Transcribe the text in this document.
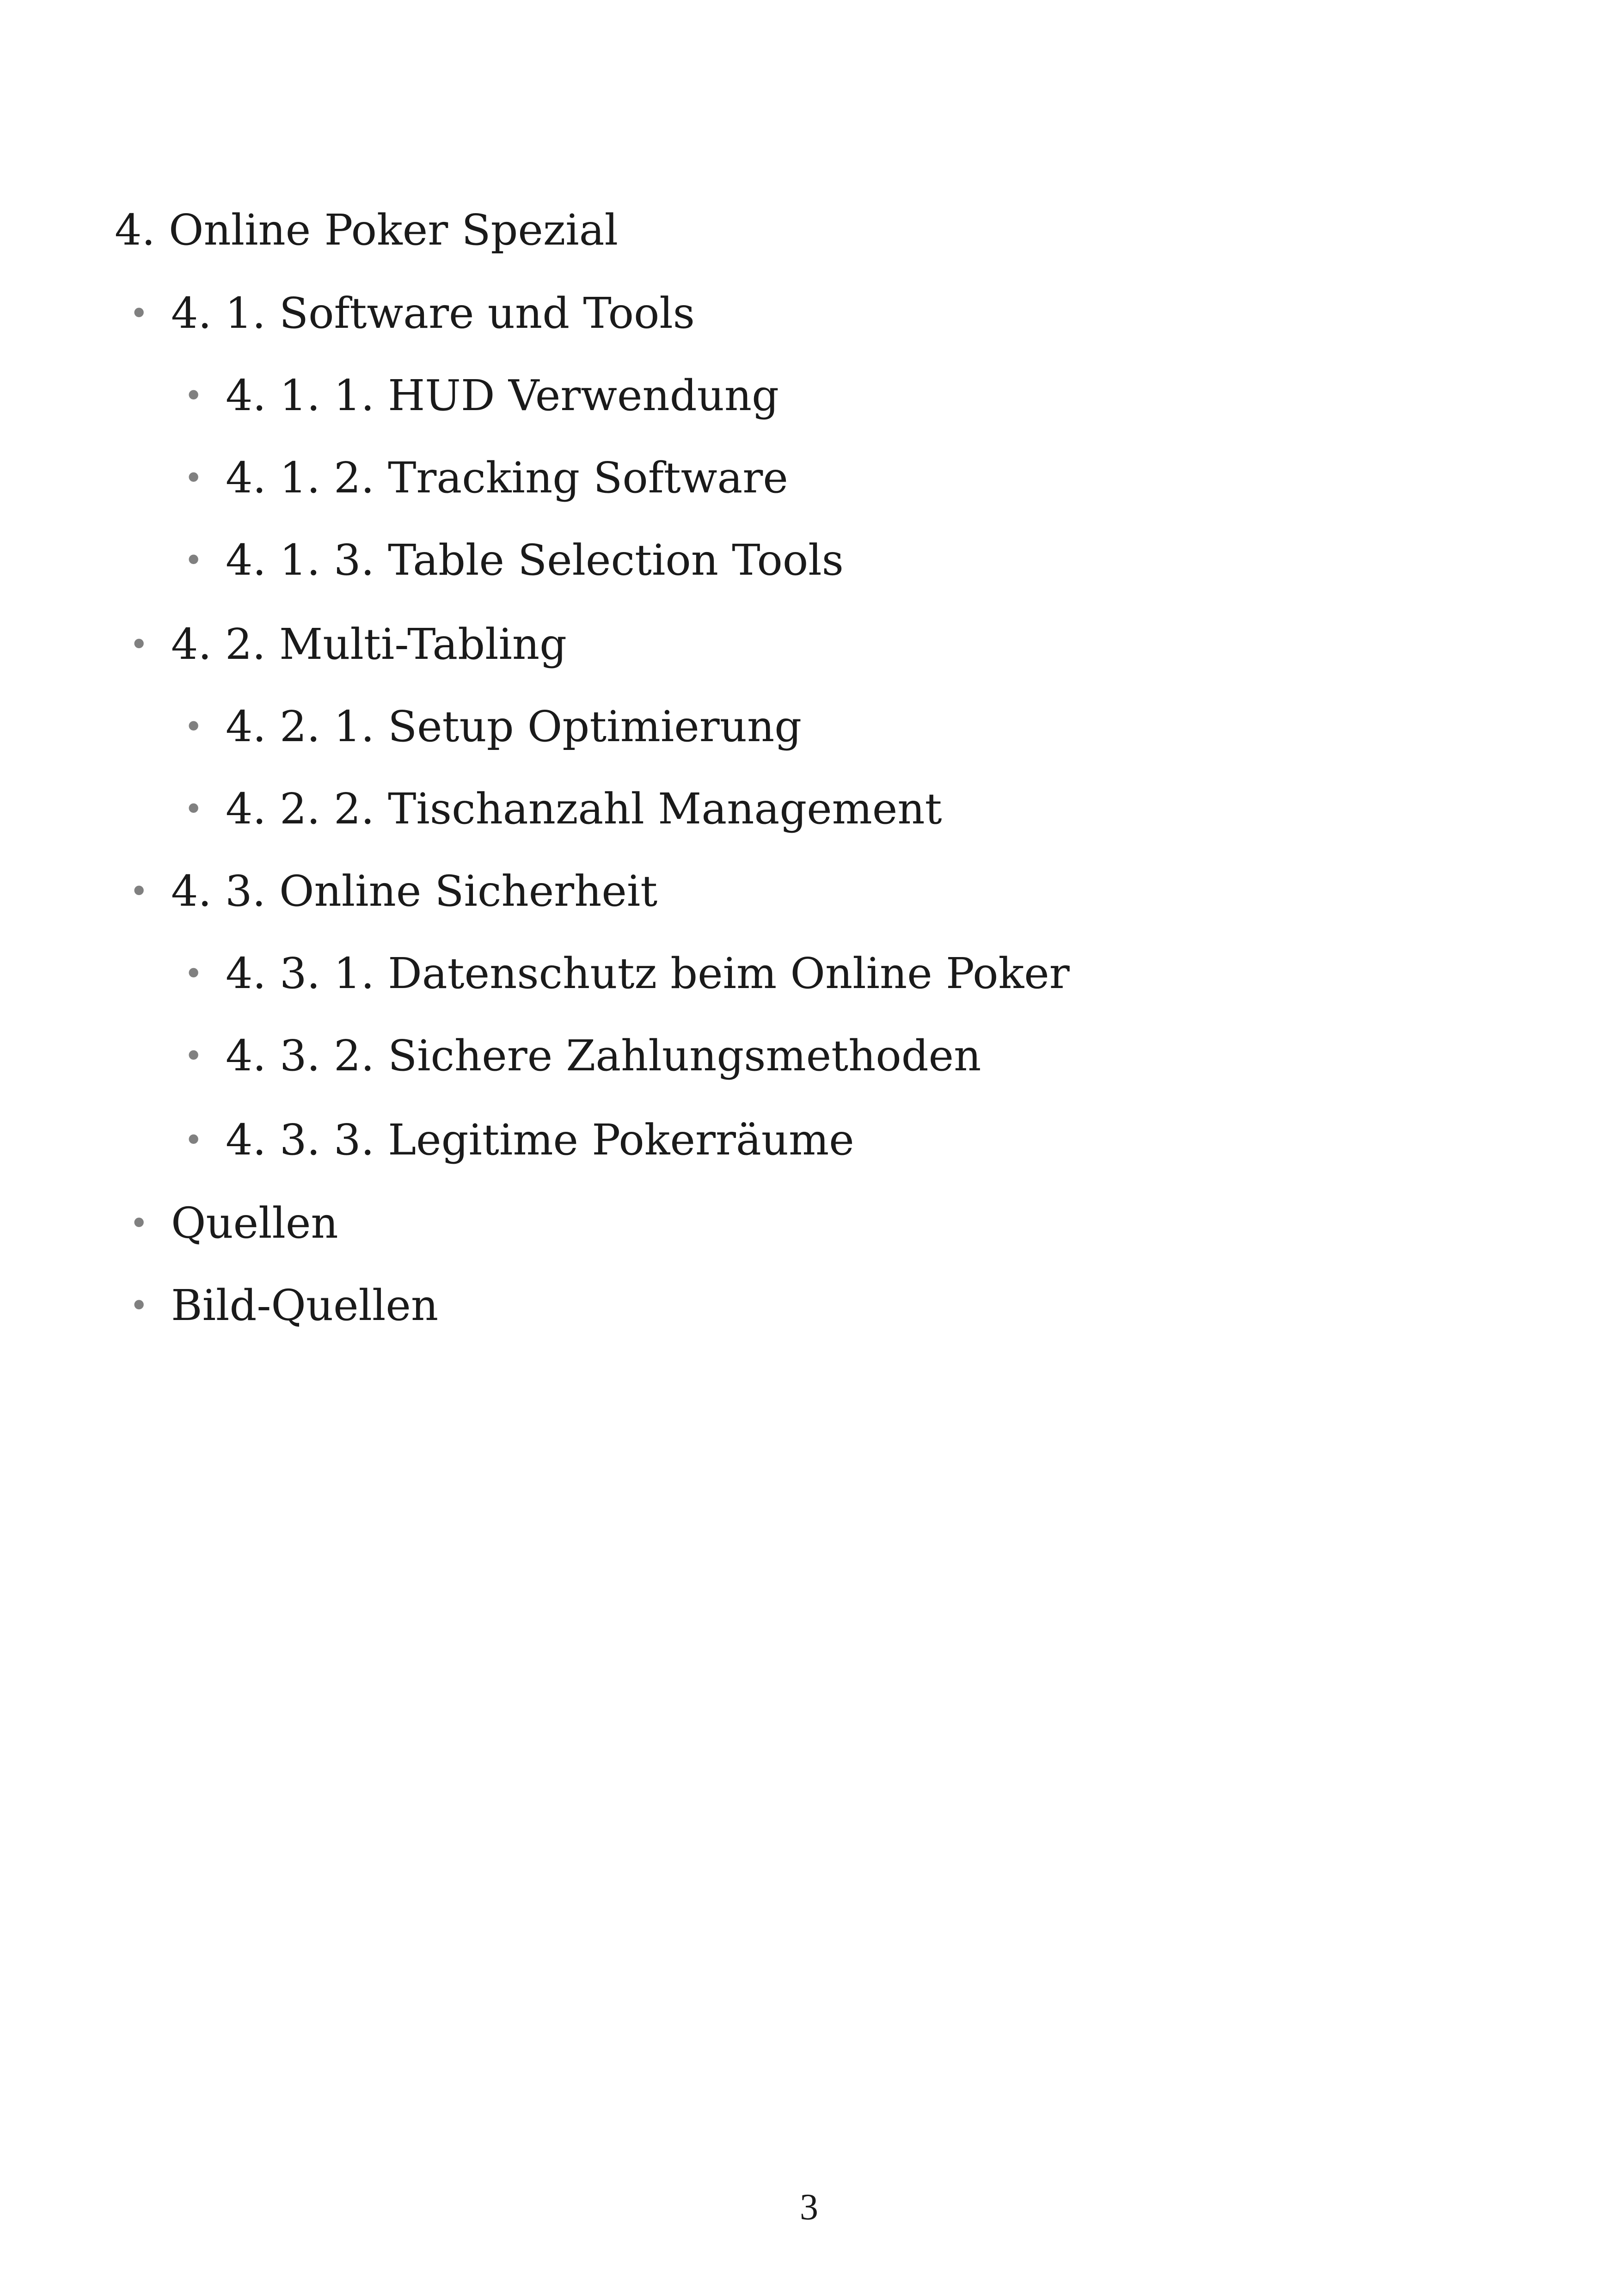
4. Online Poker Spezial
• 4. 1. Software und Tools
• 4. 1. 1. HUD Verwendung
• 4. 1. 2. Tracking Software
• 4. 1. 3. Table Selection Tools
• 4. 2. Multi-Tabling
• 4. 2. 1. Setup Optimierung
• 4. 2. 2. Tischanzahl Management
• 4. 3. Online Sicherheit
• 4. 3. 1. Datenschutz beim Online Poker
• 4. 3. 2. Sichere Zahlungsmethoden
• 4. 3. 3. Legitime Pokerräume
• Quellen
• Bild-Quellen
3
